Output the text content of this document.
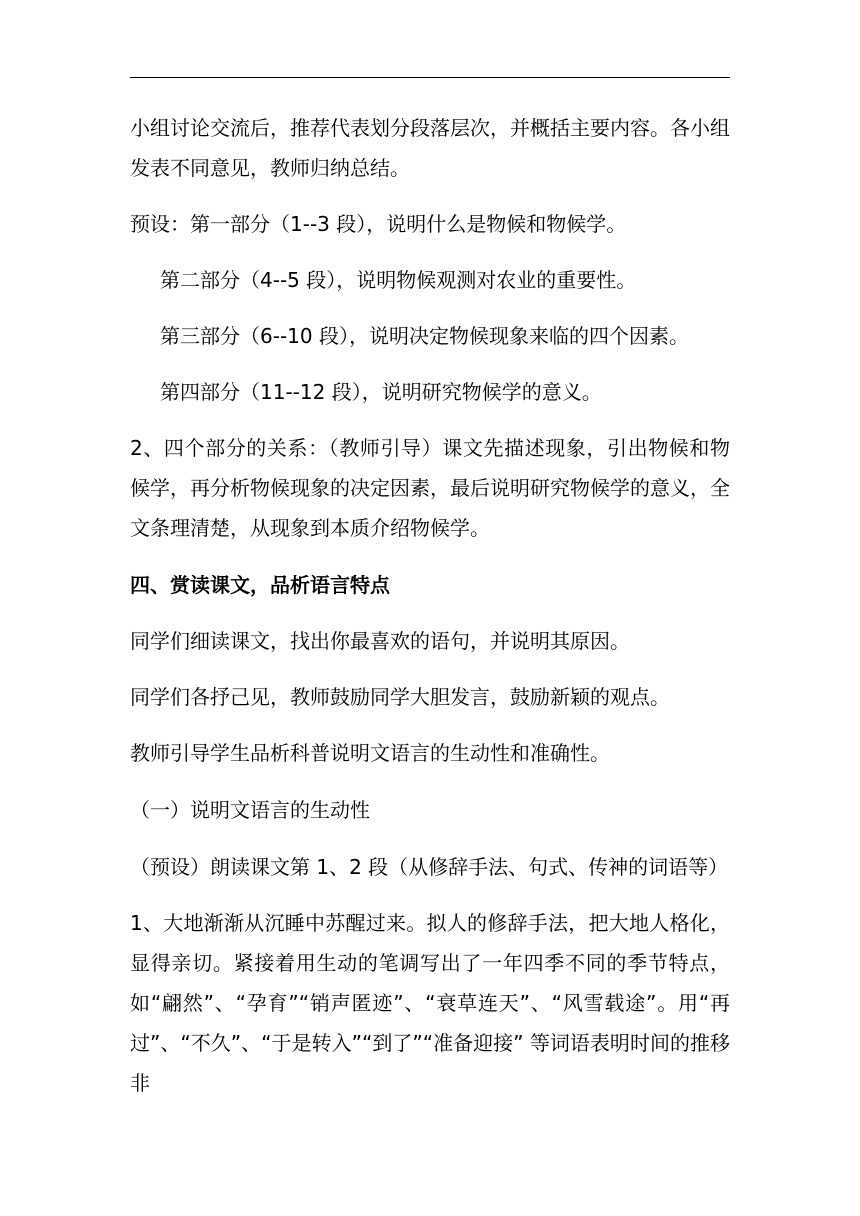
小组讨论交流后，推荐代表划分段落层次，并概括主要内容。各小组发表不同意见，教师归纳总结。

预设：第一部分（1--3 段），说明什么是物候和物候学。

第二部分（4--5 段），说明物候观测对农业的重要性。

第三部分（6--10 段），说明决定物候现象来临的四个因素。

第四部分（11--12 段），说明研究物候学的意义。

2、四个部分的关系：（教师引导）课文先描述现象，引出物候和物候学，再分析物候现象的决定因素，最后说明研究物候学的意义，全文条理清楚，从现象到本质介绍物候学。

四、赏读课文，品析语言特点

同学们细读课文，找出你最喜欢的语句，并说明其原因。

同学们各抒己见，教师鼓励同学大胆发言，鼓励新颖的观点。

教师引导学生品析科普说明文语言的生动性和准确性。

（一）说明文语言的生动性

（预设）朗读课文第 1、2 段（从修辞手法、句式、传神的词语等）

1、大地渐渐从沉睡中苏醒过来。拟人的修辞手法，把大地人格化，显得亲切。紧接着用生动的笔调写出了一年四季不同的季节特点，如“翩然”、“孕育”“销声匿迹”、“衰草连天”、“风雪载途”。用“再过”、“不久”、“于是转入”“到了”“准备迎接” 等词语表明时间的推移非
